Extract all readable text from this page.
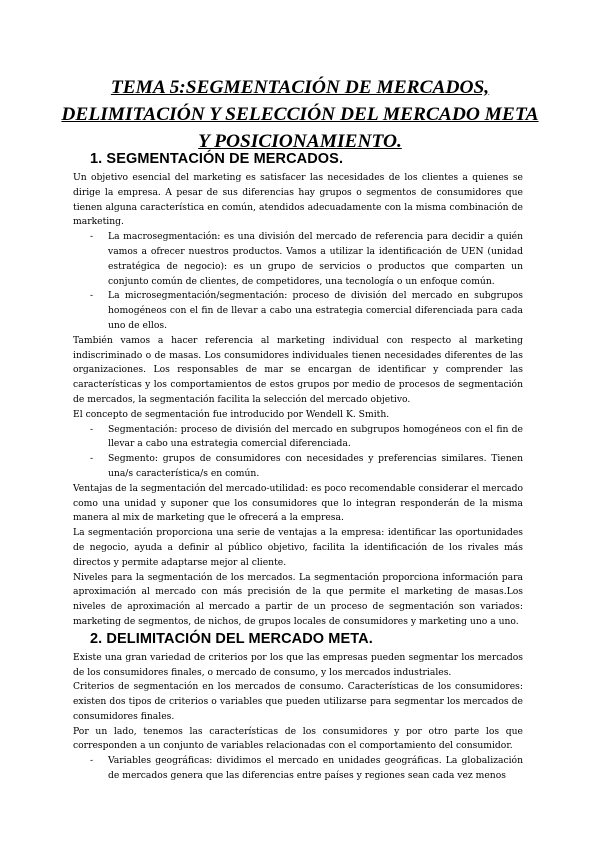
TEMA 5:SEGMENTACIÓN DE MERCADOS, DELIMITACIÓN Y SELECCIÓN DEL MERCADO META Y POSICIONAMIENTO.
1. SEGMENTACIÓN DE MERCADOS.

Un objetivo esencial del marketing es satisfacer las necesidades de los clientes a quienes se dirige la empresa. A pesar de sus diferencias hay grupos o segmentos de consumidores que tienen alguna característica en común, atendidos adecuadamente con la misma combinación de marketing.

- La macrosegmentación: es una división del mercado de referencia para decidir a quién vamos a ofrecer nuestros productos. Vamos a utilizar la identificación de UEN (unidad estratégica de negocio): es un grupo de servicios o productos que comparten un conjunto común de clientes, de competidores, una tecnología o un enfoque común.
- La microsegmentación/segmentación: proceso de división del mercado en subgrupos homogéneos con el fin de llevar a cabo una estrategia comercial diferenciada para cada uno de ellos.

También vamos a hacer referencia al marketing individual con respecto al marketing indiscriminado o de masas. Los consumidores individuales tienen necesidades diferentes de las organizaciones. Los responsables de mar se encargan de identificar y comprender las características y los comportamientos de estos grupos por medio de procesos de segmentación de mercados, la segmentación facilita la selección del mercado objetivo.

El concepto de segmentación fue introducido por Wendell K. Smith.

- Segmentación: proceso de división del mercado en subgrupos homogéneos con el fin de llevar a cabo una estrategia comercial diferenciada.
- Segmento: grupos de consumidores con necesidades y preferencias similares. Tienen una/s característica/s en común.

Ventajas de la segmentación del mercado-utilidad: es poco recomendable considerar el mercado como una unidad y suponer que los consumidores que lo integran responderán de la misma manera al mix de marketing que le ofrecerá a la empresa.

La segmentación proporciona una serie de ventajas a la empresa: identificar las oportunidades de negocio, ayuda a definir al público objetivo, facilita la identificación de los rivales más directos y permite adaptarse mejor al cliente.

Niveles para la segmentación de los mercados. La segmentación proporciona información para aproximación al mercado con más precisión de la que permite el marketing de masas.Los niveles de aproximación al mercado a partir de un proceso de segmentación son variados: marketing de segmentos, de nichos, de grupos locales de consumidores y marketing uno a uno.

2. DELIMITACIÓN DEL MERCADO META.

Existe una gran variedad de criterios por los que las empresas pueden segmentar los mercados de los consumidores finales, o mercado de consumo, y los mercados industriales.

Criterios de segmentación en los mercados de consumo. Características de los consumidores: existen dos tipos de criterios o variables que pueden utilizarse para segmentar los mercados de consumidores finales.

Por un lado, tenemos las características de los consumidores y por otro parte los que corresponden a un conjunto de variables relacionadas con el comportamiento del consumidor.

- Variables geográficas: dividimos el mercado en unidades geográficas. La globalización de mercados genera que las diferencias entre países y regiones sean cada vez menos
